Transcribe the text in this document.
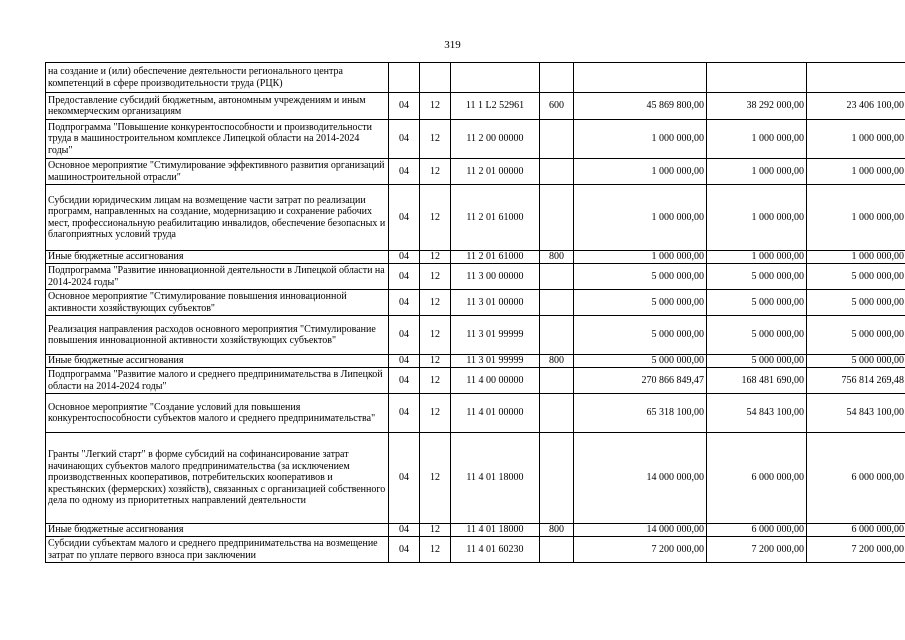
319
на создание и (или) обеспечение деятельности регионального центра компетенций в сфере производительности труда (РЦК)							
Предоставление субсидий бюджетным, автономным учреждениям и иным некоммерческим организациям	04	12	11 1 L2 52961	600	45 869 800,00	38 292 000,00	23 406 100,00
Подпрограмма "Повышение конкурентоспособности и производительности труда в машиностроительном комплексе Липецкой области на 2014-2024 годы"	04	12	11 2 00 00000		1 000 000,00	1 000 000,00	1 000 000,00
Основное мероприятие "Стимулирование эффективного развития организаций машиностроительной отрасли"	04	12	11 2 01 00000		1 000 000,00	1 000 000,00	1 000 000,00
Субсидии юридическим лицам на возмещение части затрат по реализации программ, направленных на создание, модернизацию и сохранение рабочих мест, профессиональную реабилитацию инвалидов, обеспечение безопасных и благоприятных условий труда	04	12	11 2 01 61000		1 000 000,00	1 000 000,00	1 000 000,00
Иные бюджетные ассигнования	04	12	11 2 01 61000	800	1 000 000,00	1 000 000,00	1 000 000,00
Подпрограмма "Развитие инновационной деятельности в Липецкой области на 2014-2024 годы"	04	12	11 3 00 00000		5 000 000,00	5 000 000,00	5 000 000,00
Основное мероприятие "Стимулирование повышения инновационной активности хозяйствующих субъектов"	04	12	11 3 01 00000		5 000 000,00	5 000 000,00	5 000 000,00
Реализация направления расходов основного мероприятия "Стимулирование повышения инновационной активности хозяйствующих субъектов"	04	12	11 3 01 99999		5 000 000,00	5 000 000,00	5 000 000,00
Иные бюджетные ассигнования	04	12	11 3 01 99999	800	5 000 000,00	5 000 000,00	5 000 000,00
Подпрограмма "Развитие малого и среднего предпринимательства в Липецкой области на 2014-2024 годы"	04	12	11 4 00 00000		270 866 849,47	168 481 690,00	756 814 269,48
Основное мероприятие "Создание условий для повышения конкурентоспособности субъектов малого и среднего предпринимательства"	04	12	11 4 01 00000		65 318 100,00	54 843 100,00	54 843 100,00
Гранты "Легкий старт" в форме субсидий на софинансирование затрат начинающих субъектов малого предпринимательства (за исключением производственных кооперативов, потребительских кооперативов и крестьянских (фермерских) хозяйств), связанных с организацией собственного дела по одному из приоритетных направлений деятельности	04	12	11 4 01 18000		14 000 000,00	6 000 000,00	6 000 000,00
Иные бюджетные ассигнования	04	12	11 4 01 18000	800	14 000 000,00	6 000 000,00	6 000 000,00
Субсидии субъектам малого и среднего предпринимательства на возмещение затрат по уплате первого взноса при заключении	04	12	11 4 01 60230		7 200 000,00	7 200 000,00	7 200 000,00
